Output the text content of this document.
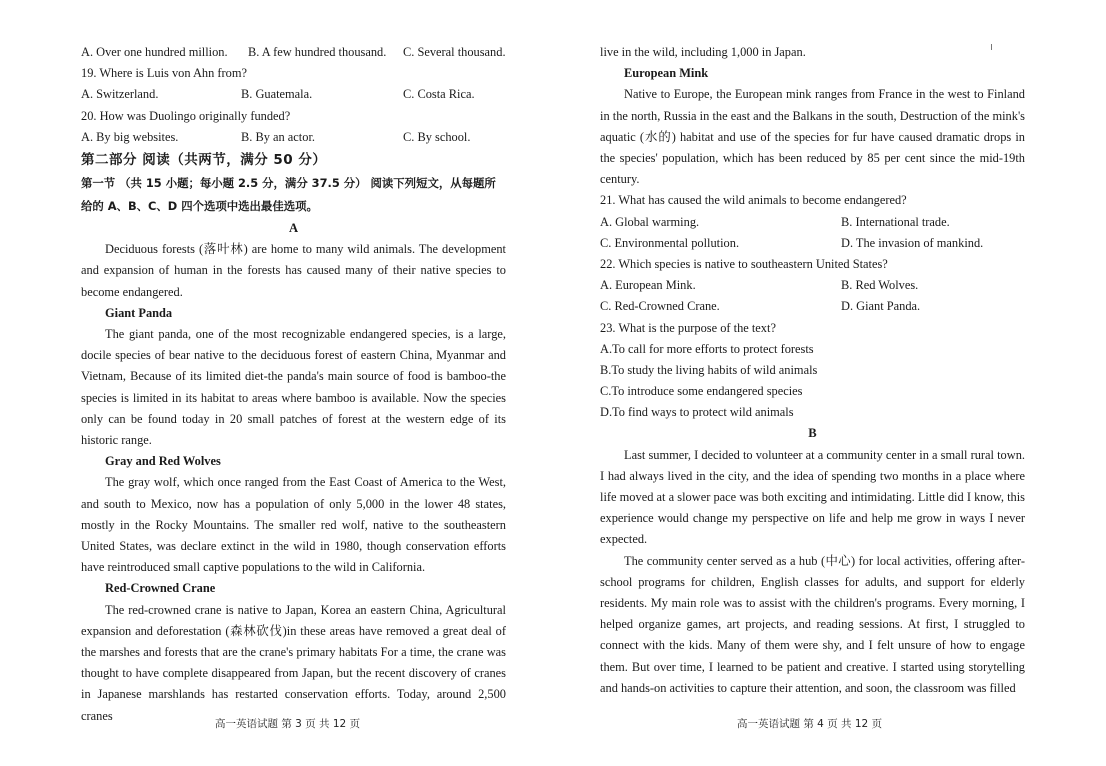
A. Over one hundred million.	B. A few hundred thousand.	C. Several thousand.
19. Where is Luis von Ahn from?
A. Switzerland.	B. Guatemala.	C. Costa Rica.
20. How was Duolingo originally funded?
A. By big websites.	B. By an actor.	C. By school.
第二部分 阅读（共两节，满分 50 分）
第一节 （共 15 小题；每小题 2.5 分，满分 37.5 分） 阅读下列短文，从每题所给的 A、B、C、D 四个选项中选出最佳选项。
A
Deciduous forests (落叶林) are home to many wild animals. The development and expansion of human in the forests has caused many of their native species to become endangered.
Giant Panda
The giant panda, one of the most recognizable endangered species, is a large, docile species of bear native to the deciduous forest of eastern China, Myanmar and Vietnam, Because of its limited diet-the panda's main source of food is bamboo-the species is limited in its habitat to areas where bamboo is available. Now the species only can be found today in 20 small patches of forest at the western edge of its historic range.
Gray and Red Wolves
The gray wolf, which once ranged from the East Coast of America to the West, and south to Mexico, now has a population of only 5,000 in the lower 48 states, mostly in the Rocky Mountains. The smaller red wolf, native to the southeastern United States, was declare extinct in the wild in 1980, though conservation efforts have reintroduced small captive populations to the wild in California.
Red-Crowned Crane
The red-crowned crane is native to Japan, Korea an eastern China, Agricultural expansion and deforestation (森林砍伐)in these areas have removed a great deal of the marshes and forests that are the crane's primary habitats For a time, the crane was thought to have complete disappeared from Japan, but the recent discovery of cranes in Japanese marshlands has restarted conservation efforts. Today, around 2,500 cranes
live in the wild, including 1,000 in Japan.
European Mink
Native to Europe, the European mink ranges from France in the west to Finland in the north, Russia in the east and the Balkans in the south, Destruction of the mink's aquatic (水的) habitat and use of the species for fur have caused dramatic drops in the species' population, which has been reduced by 85 per cent since the mid-19th century.
21. What has caused the wild animals to become endangered?
A. Global warming.	B. International trade.
C. Environmental pollution.	D. The invasion of mankind.
22. Which species is native to southeastern United States?
A. European Mink.	B. Red Wolves.
C. Red-Crowned Crane.	D. Giant Panda.
23. What is the purpose of the text?
A.To call for more efforts to protect forests
B.To study the living habits of wild animals
C.To introduce some endangered species
D.To find ways to protect wild animals
B
Last summer, I decided to volunteer at a community center in a small rural town. I had always lived in the city, and the idea of spending two months in a place where life moved at a slower pace was both exciting and intimidating. Little did I know, this experience would change my perspective on life and help me grow in ways I never expected.
The community center served as a hub (中心) for local activities, offering after-school programs for children, English classes for adults, and support for elderly residents. My main role was to assist with the children's programs. Every morning, I helped organize games, art projects, and reading sessions. At first, I struggled to connect with the kids. Many of them were shy, and I felt unsure of how to engage them. But over time, I learned to be patient and creative. I started using storytelling and hands-on activities to capture their attention, and soon, the classroom was filled
高一英语试题 第 3 页 共 12 页	高一英语试题 第 4 页 共 12 页
